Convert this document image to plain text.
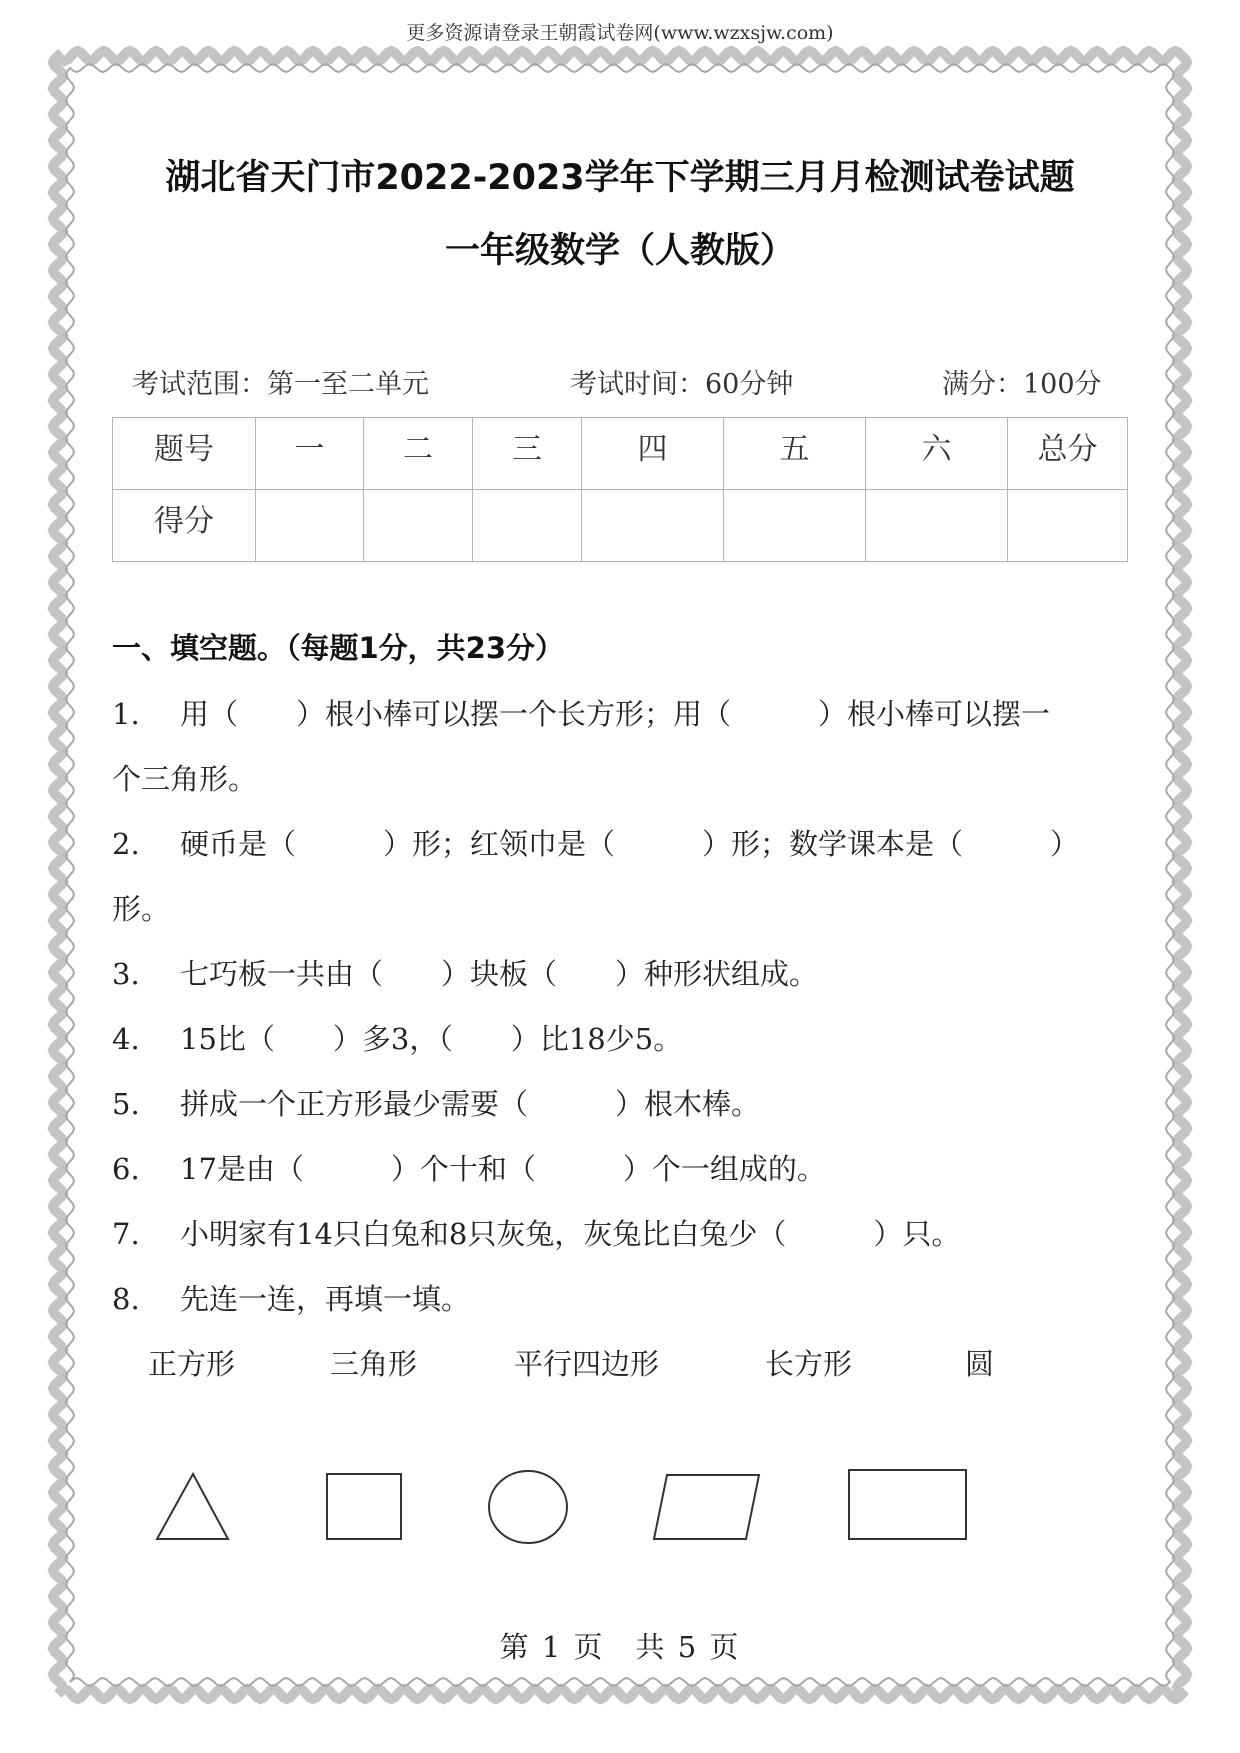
更多资源请登录王朝霞试卷网(www.wzxsjw.com)
湖北省天门市2022-2023学年下学期三月月检测试卷试题
一年级数学（人教版）
考试范围：第一至二单元	考试时间：60分钟	满分：100分
题号	一	二	三	四	五	六	总分
得分							
一、填空题。（每题1分，共23分）
1. 用（　　）根小棒可以摆一个长方形；用（　　　）根小棒可以摆一
个三角形。
2. 硬币是（　　　）形；红领巾是（　　　）形；数学课本是（　　　）
形。
3. 七巧板一共由（　　）块板（　　）种形状组成。
4. 15比（　　）多3，（　　）比18少5。
5. 拼成一个正方形最少需要（　　　）根木棒。
6. 17是由（　　　）个十和（　　　）个一组成的。
7. 小明家有14只白兔和8只灰兔，灰兔比白兔少（　　　）只。
8. 先连一连，再填一填。
正方形	三角形	平行四边形	长方形	圆
第 1 页　共 5 页
